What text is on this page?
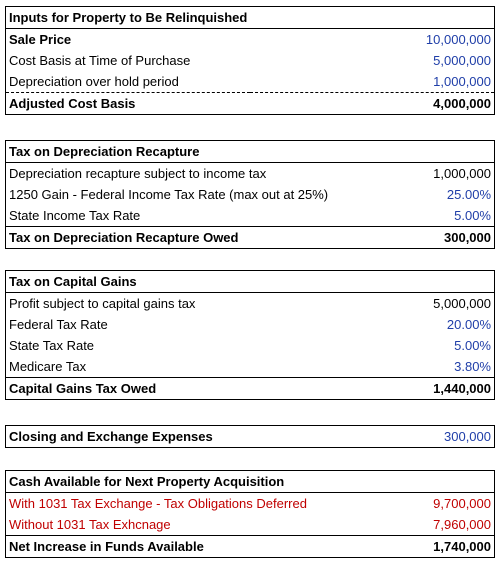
Inputs for Property to Be Relinquished	
Sale Price	10,000,000
Cost Basis at Time of Purchase	5,000,000
Depreciation over hold period	1,000,000
Adjusted Cost Basis	4,000,000
Tax on Depreciation Recapture	
Depreciation recapture subject to income tax	1,000,000
1250 Gain - Federal Income Tax Rate (max out at 25%)	25.00%
State Income Tax Rate	5.00%
Tax on Depreciation Recapture Owed	300,000
Tax on Capital Gains	
Profit subject to capital gains tax	5,000,000
Federal Tax Rate	20.00%
State Tax Rate	5.00%
Medicare Tax	3.80%
Capital Gains Tax Owed	1,440,000
Closing and Exchange Expenses	300,000
Cash Available for Next Property Acquisition	
With 1031 Tax Exchange - Tax Obligations Deferred	9,700,000
Without 1031 Tax Exhcnage	7,960,000
Net Increase in Funds Available	1,740,000
